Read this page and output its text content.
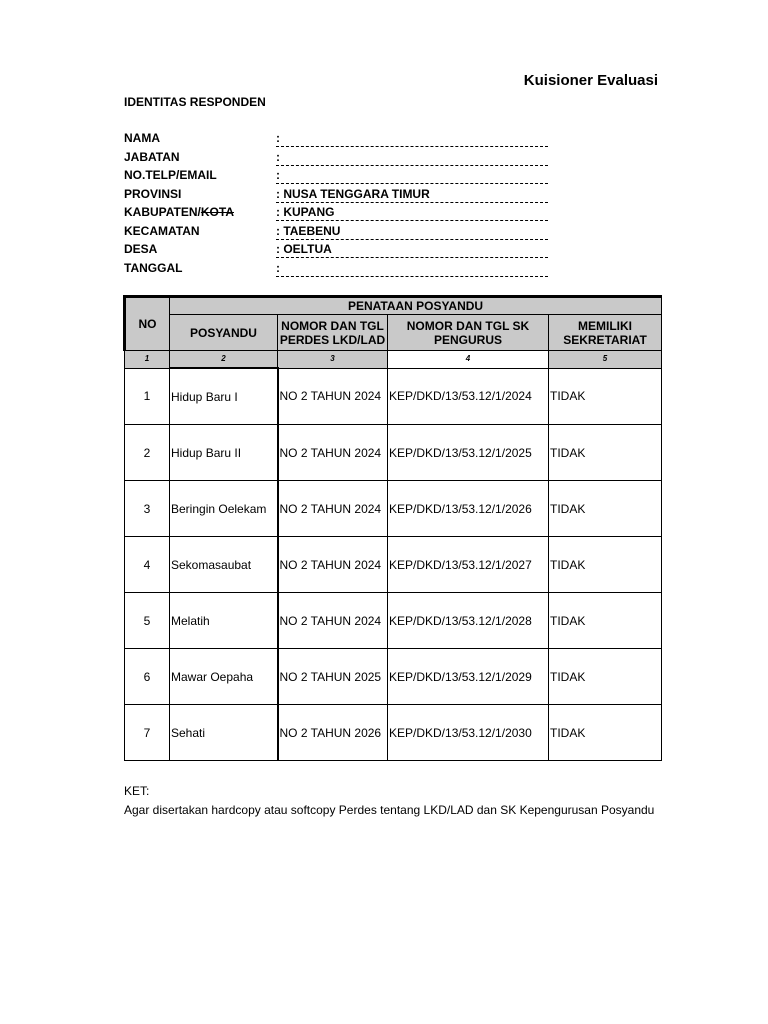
Kuisioner Evaluasi
IDENTITAS RESPONDEN
NAMA	:
JABATAN	:
NO.TELP/EMAIL	:
PROVINSI	: NUSA TENGGARA TIMUR
KABUPATEN/KOTA	: KUPANG
KECAMATAN	: TAEBENU
DESA	: OELTUA
TANGGAL	:
NO	PENATAAN POSYANDU			
	POSYANDU	NOMOR DAN TGL PERDES LKD/LAD	NOMOR DAN TGL SK PENGURUS	MEMILIKI SEKRETARIAT
1	2	3	4	5
1	Hidup Baru I	NO 2 TAHUN 2024	KEP/DKD/13/53.12/1/2024	TIDAK
2	Hidup Baru II	NO 2 TAHUN 2024	KEP/DKD/13/53.12/1/2025	TIDAK
3	Beringin Oelekam	NO 2 TAHUN 2024	KEP/DKD/13/53.12/1/2026	TIDAK
4	Sekomasaubat	NO 2 TAHUN 2024	KEP/DKD/13/53.12/1/2027	TIDAK
5	Melatih	NO 2 TAHUN 2024	KEP/DKD/13/53.12/1/2028	TIDAK
6	Mawar Oepaha	NO 2 TAHUN 2025	KEP/DKD/13/53.12/1/2029	TIDAK
7	Sehati	NO 2 TAHUN 2026	KEP/DKD/13/53.12/1/2030	TIDAK
KET:
Agar disertakan hardcopy atau softcopy Perdes tentang LKD/LAD dan SK Kepengurusan Posyandu
